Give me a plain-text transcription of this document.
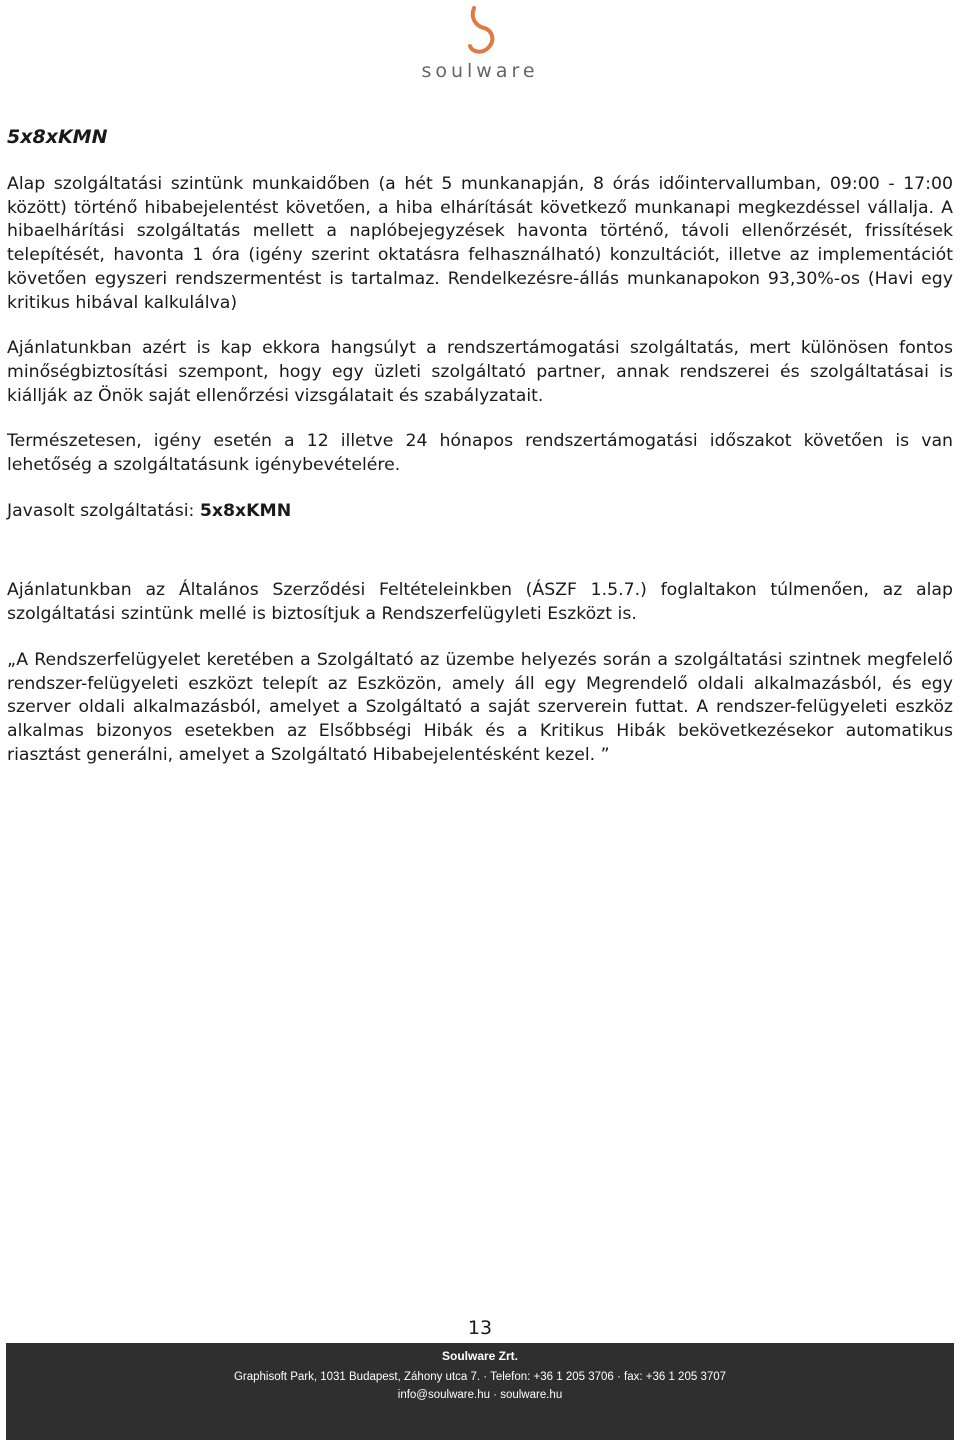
soulware
5x8xKMN

Alap szolgáltatási szintünk munkaidőben (a hét 5 munkanapján, 8 órás időintervallumban, 09:00 - 17:00 között) történő hibabejelentést követően, a hiba elhárítását következő munkanapi megkezdéssel vállalja. A hibaelhárítási szolgáltatás mellett a naplóbejegyzések havonta történő, távoli ellenőrzését, frissítések telepítését, havonta 1 óra (igény szerint oktatásra felhasználható) konzultációt, illetve az implementációt követően egyszeri rendszermentést is tartalmaz. Rendelkezésre-állás munkanapokon 93,30%-os (Havi egy kritikus hibával kalkulálva)

Ajánlatunkban azért is kap ekkora hangsúlyt a rendszertámogatási szolgáltatás, mert különösen fontos minőségbiztosítási szempont, hogy egy üzleti szolgáltató partner, annak rendszerei és szolgáltatásai is kiállják az Önök saját ellenőrzési vizsgálatait és szabályzatait.

Természetesen, igény esetén a 12 illetve 24 hónapos rendszertámogatási időszakot követően is van lehetőség a szolgáltatásunk igénybevételére.

Javasolt szolgáltatási: 5x8xKMN

Ajánlatunkban az Általános Szerződési Feltételeinkben (ÁSZF 1.5.7.) foglaltakon túlmenően, az alap szolgáltatási szintünk mellé is biztosítjuk a Rendszerfelügyleti Eszközt is.

„A Rendszerfelügyelet keretében a Szolgáltató az üzembe helyezés során a szolgáltatási szintnek megfelelő rendszer-felügyeleti eszközt telepít az Eszközön, amely áll egy Megrendelő oldali alkalmazásból, és egy szerver oldali alkalmazásból, amelyet a Szolgáltató a saját szerverein futtat. A rendszer-felügyeleti eszköz alkalmas bizonyos esetekben az Elsőbbségi Hibák és a Kritikus Hibák bekövetkezésekor automatikus riasztást generálni, amelyet a Szolgáltató Hibabejelentésként kezel. ”

13
Soulware Zrt.
Graphisoft Park, 1031 Budapest, Záhony utca 7. · Telefon: +36 1 205 3706 · fax: +36 1 205 3707
info@soulware.hu · soulware.hu
